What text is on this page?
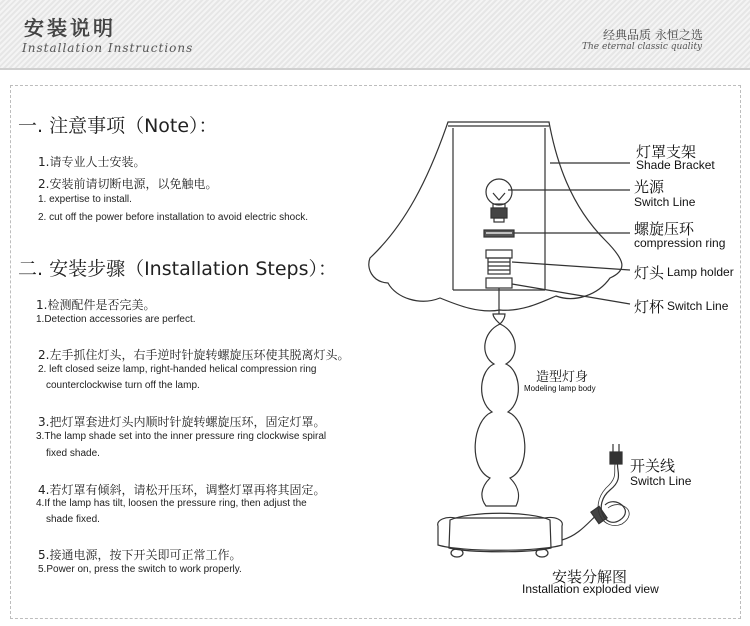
安装说明
Installation Instructions
经典品质 永恒之选
The eternal classic quality
一. 注意事项（Note）：
1.请专业人士安装。
2.安装前请切断电源，以免触电。
1. expertise to install.
2. cut off the power before installation to avoid electric shock.
二. 安装步骤（Installation Steps）：
1.检测配件是否完美。
1.Detection accessories are perfect.
2.左手抓住灯头，右手逆时针旋转螺旋压环使其脱离灯头。
2. left closed seize lamp, right-handed helical compression ring
counterclockwise turn off the lamp.
3.把灯罩套进灯头内顺时针旋转螺旋压环，固定灯罩。
3.The lamp shade set into the inner pressure ring clockwise spiral
fixed shade.
4.若灯罩有倾斜，请松开压环，调整灯罩再将其固定。
4.If the lamp has tilt, loosen the pressure ring, then adjust the
shade fixed.
5.接通电源，按下开关即可正常工作。
5.Power on, press the switch to work properly.
灯罩支架
Shade Bracket
光源
Switch Line
螺旋压环
compression ring
灯头 Lamp holder
灯杯 Switch Line
造型灯身
Modeling lamp body
开关线
Switch Line
安装分解图
Installation exploded view
